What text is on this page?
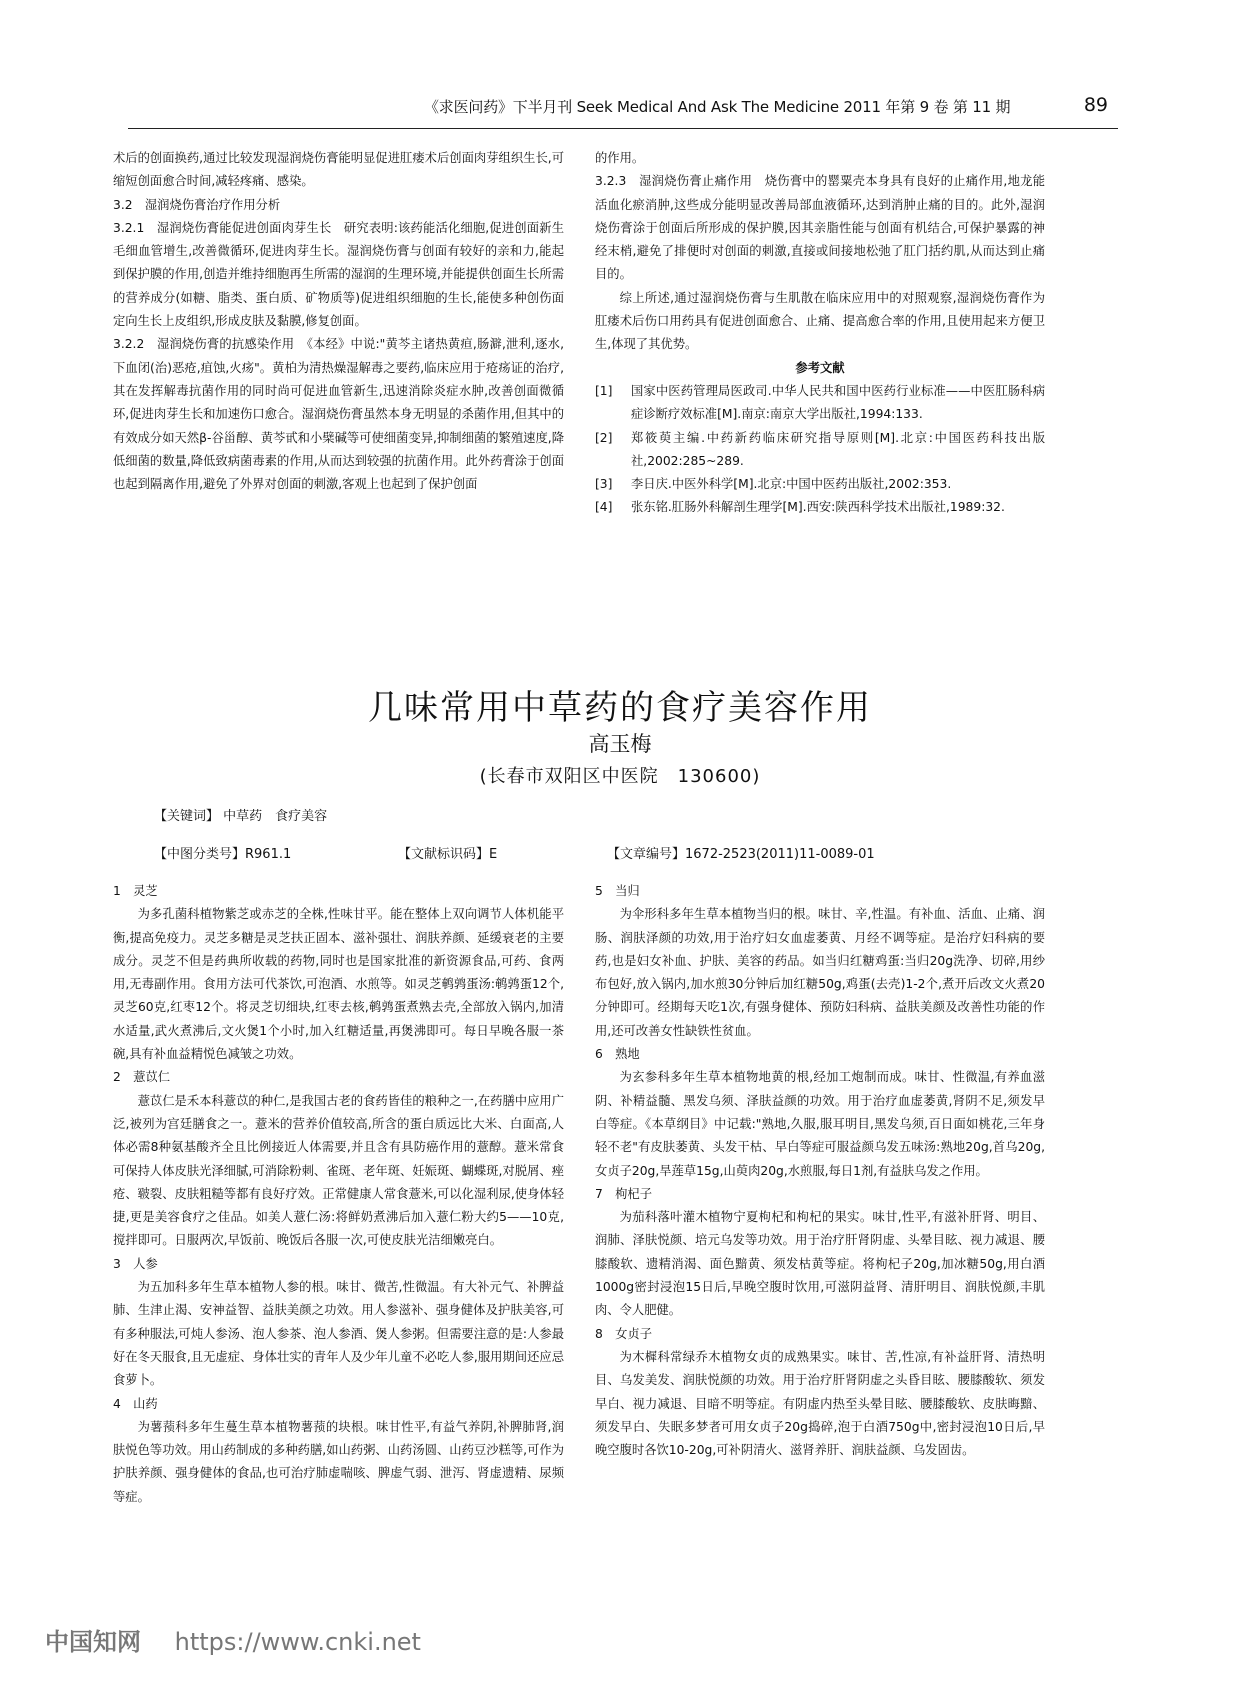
《求医问药》下半月刊 Seek Medical And Ask The Medicine 2011 年第 9 卷 第 11 期	89

术后的创面换药,通过比较发现湿润烧伤膏能明显促进肛瘘术后创面肉芽组织生长,可缩短创面愈合时间,减轻疼痛、感染。

3.2　湿润烧伤膏治疗作用分析

3.2.1　湿润烧伤膏能促进创面肉芽生长　研究表明:该药能活化细胞,促进创面新生毛细血管增生,改善微循环,促进肉芽生长。湿润烧伤膏与创面有较好的亲和力,能起到保护膜的作用,创造并维持细胞再生所需的湿润的生理环境,并能提供创面生长所需的营养成分(如糖、脂类、蛋白质、矿物质等)促进组织细胞的生长,能使多种创伤面定向生长上皮组织,形成皮肤及黏膜,修复创面。

3.2.2　湿润烧伤膏的抗感染作用　《本经》中说:"黄芩主诸热黄疸,肠澼,泄利,逐水,下血闭(治)恶疮,疽蚀,火疡"。黄柏为清热燥湿解毒之要药,临床应用于疮疡证的治疗,其在发挥解毒抗菌作用的同时尚可促进血管新生,迅速消除炎症水肿,改善创面微循环,促进肉芽生长和加速伤口愈合。湿润烧伤膏虽然本身无明显的杀菌作用,但其中的有效成分如天然β-谷甾醇、黄芩甙和小檗碱等可使细菌变异,抑制细菌的繁殖速度,降低细菌的数量,降低致病菌毒素的作用,从而达到较强的抗菌作用。此外药膏涂于创面也起到隔离作用,避免了外界对创面的刺激,客观上也起到了保护创面

的作用。

3.2.3　湿润烧伤膏止痛作用　烧伤膏中的罂粟壳本身具有良好的止痛作用,地龙能活血化瘀消肿,这些成分能明显改善局部血液循环,达到消肿止痛的目的。此外,湿润烧伤膏涂于创面后所形成的保护膜,因其亲脂性能与创面有机结合,可保护暴露的神经末梢,避免了排便时对创面的刺激,直接或间接地松弛了肛门括约肌,从而达到止痛目的。

综上所述,通过湿润烧伤膏与生肌散在临床应用中的对照观察,湿润烧伤膏作为肛瘘术后伤口用药具有促进创面愈合、止痛、提高愈合率的作用,且使用起来方便卫生,体现了其优势。

参考文献

[1]	国家中医药管理局医政司.中华人民共和国中医药行业标准——中医肛肠科病症诊断疗效标准[M].南京:南京大学出版社,1994:133.
[2]	郑筱萸主编.中药新药临床研究指导原则[M].北京:中国医药科技出版社,2002:285~289.
[3]	李日庆.中医外科学[M].北京:中国中医药出版社,2002:353.
[4]	张东铭.肛肠外科解剖生理学[M].西安:陕西科学技术出版社,1989:32.
几味常用中草药的食疗美容作用
高玉梅
(长春市双阳区中医院　130600)
【关键词】 中草药　食疗美容
【中图分类号】R961.1	【文献标识码】E	【文章编号】1672-2523(2011)11-0089-01

1　灵芝

为多孔菌科植物紫芝或赤芝的全株,性味甘平。能在整体上双向调节人体机能平衡,提高免疫力。灵芝多糖是灵芝扶正固本、滋补强壮、润肤养颜、延缓衰老的主要成分。灵芝不但是药典所收载的药物,同时也是国家批准的新资源食品,可药、食两用,无毒副作用。食用方法可代茶饮,可泡酒、水煎等。如灵芝鹌鹑蛋汤:鹌鹑蛋12个,灵芝60克,红枣12个。将灵芝切细块,红枣去核,鹌鹑蛋煮熟去壳,全部放入锅内,加清水适量,武火煮沸后,文火煲1个小时,加入红糖适量,再煲沸即可。每日早晚各服一茶碗,具有补血益精悦色减皱之功效。

2　薏苡仁

薏苡仁是禾本科薏苡的种仁,是我国古老的食药皆佳的粮种之一,在药膳中应用广泛,被列为宫廷膳食之一。薏米的营养价值较高,所含的蛋白质远比大米、白面高,人体必需8种氨基酸齐全且比例接近人体需要,并且含有具防癌作用的薏醇。薏米常食可保持人体皮肤光泽细腻,可消除粉刺、雀斑、老年斑、妊娠斑、蝴蝶斑,对脱屑、痤疮、皲裂、皮肤粗糙等都有良好疗效。正常健康人常食薏米,可以化湿利尿,使身体轻捷,更是美容食疗之佳品。如美人薏仁汤:将鲜奶煮沸后加入薏仁粉大约5——10克,搅拌即可。日服两次,早饭前、晚饭后各服一次,可使皮肤光洁细嫩亮白。

3　人参

为五加科多年生草本植物人参的根。味甘、微苦,性微温。有大补元气、补脾益肺、生津止渴、安神益智、益肤美颜之功效。用人参滋补、强身健体及护肤美容,可有多种服法,可炖人参汤、泡人参茶、泡人参酒、煲人参粥。但需要注意的是:人参最好在冬天服食,且无虚症、身体壮实的青年人及少年儿童不必吃人参,服用期间还应忌食萝卜。

4　山药

为薯蓣科多年生蔓生草本植物薯蓣的块根。味甘性平,有益气养阴,补脾肺肾,润肤悦色等功效。用山药制成的多种药膳,如山药粥、山药汤圆、山药豆沙糕等,可作为护肤养颜、强身健体的食品,也可治疗肺虚喘咳、脾虚气弱、泄泻、肾虚遗精、尿频等症。

5　当归

为伞形科多年生草本植物当归的根。味甘、辛,性温。有补血、活血、止痛、润肠、润肤泽颜的功效,用于治疗妇女血虚萎黄、月经不调等症。是治疗妇科病的要药,也是妇女补血、护肤、美容的药品。如当归红糖鸡蛋:当归20g洗净、切碎,用纱布包好,放入锅内,加水煎30分钟后加红糖50g,鸡蛋(去壳)1-2个,煮开后改文火煮20分钟即可。经期每天吃1次,有强身健体、预防妇科病、益肤美颜及改善性功能的作用,还可改善女性缺铁性贫血。

6　熟地

为玄参科多年生草本植物地黄的根,经加工炮制而成。味甘、性微温,有养血滋阴、补精益髓、黑发乌须、泽肤益颜的功效。用于治疗血虚萎黄,肾阴不足,须发早白等症。《本草纲目》中记载:"熟地,久服,服耳明目,黑发乌须,百日面如桃花,三年身轻不老"有皮肤萎黄、头发干枯、早白等症可服益颜乌发五味汤:熟地20g,首乌20g,女贞子20g,旱莲草15g,山萸肉20g,水煎服,每日1剂,有益肤乌发之作用。

7　枸杞子

为茄科落叶灌木植物宁夏枸杞和枸杞的果实。味甘,性平,有滋补肝肾、明目、润肺、泽肤悦颜、培元乌发等功效。用于治疗肝肾阴虚、头晕目眩、视力减退、腰膝酸软、遗精消渴、面色黯黄、须发枯黄等症。将枸杞子20g,加冰糖50g,用白酒1000g密封浸泡15日后,早晚空腹时饮用,可滋阴益肾、清肝明目、润肤悦颜,丰肌肉、令人肥健。

8　女贞子

为木樨科常绿乔木植物女贞的成熟果实。味甘、苦,性凉,有补益肝肾、清热明目、乌发美发、润肤悦颜的功效。用于治疗肝肾阴虚之头昏目眩、腰膝酸软、须发早白、视力减退、目暗不明等症。有阴虚内热至头晕目眩、腰膝酸软、皮肤晦黯、须发早白、失眠多梦者可用女贞子20g捣碎,泡于白酒750g中,密封浸泡10日后,早晚空腹时各饮10-20g,可补阴清火、滋肾养肝、润肤益颜、乌发固齿。

中国知网 https://www.cnki.net
